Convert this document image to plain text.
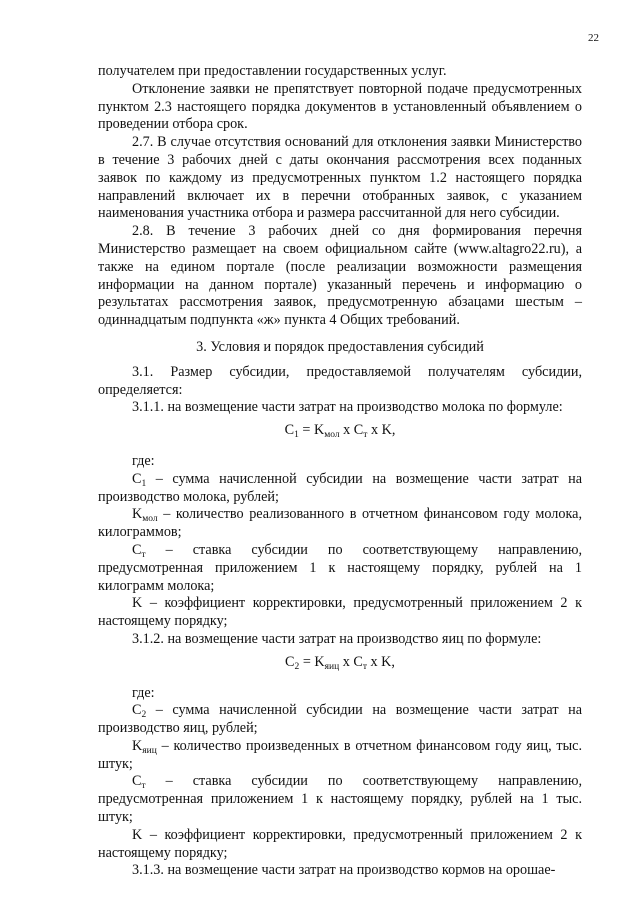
22

получателем при предоставлении государственных услуг.

Отклонение заявки не препятствует повторной подаче предусмотренных пунктом 2.3 настоящего порядка документов в установленный объявлением о проведении отбора срок.

2.7. В случае отсутствия оснований для отклонения заявки Министерство в течение 3 рабочих дней с даты окончания рассмотрения всех поданных заявок по каждому из предусмотренных пунктом 1.2 настоящего порядка направлений включает их в перечни отобранных заявок, с указанием наименования участника отбора и размера рассчитанной для него субсидии.

2.8. В течение 3 рабочих дней со дня формирования перечня Министерство размещает на своем официальном сайте (www.altagro22.ru), а также на едином портале (после реализации возможности размещения информации на данном портале) указанный перечень и информацию о результатах рассмотрения заявок, предусмотренную абзацами шестым – одиннадцатым подпункта «ж» пункта 4 Общих требований.

3. Условия и порядок предоставления субсидий

3.1. Размер субсидии, предоставляемой получателям субсидии, определяется:

3.1.1. на возмещение части затрат на производство молока по формуле:

$C_1 = K_{мол}$ x $C_т$ x K,

где:

$C_1$ – сумма начисленной субсидии на возмещение части затрат на производство молока, рублей;

$K_{мол}$ – количество реализованного в отчетном финансовом году молока, килограммов;

$C_т$ – ставка субсидии по соответствующему направлению, предусмотренная приложением 1 к настоящему порядку, рублей на 1 килограмм молока;

K – коэффициент корректировки, предусмотренный приложением 2 к настоящему порядку;

3.1.2. на возмещение части затрат на производство яиц по формуле:

$C_2 = K_{яиц}$ x $C_т$ x K,

где:

$C_2$ – сумма начисленной субсидии на возмещение части затрат на производство яиц, рублей;

$K_{яиц}$ – количество произведенных в отчетном финансовом году яиц, тыс. штук;

$C_т$ – ставка субсидии по соответствующему направлению, предусмотренная приложением 1 к настоящему порядку, рублей на 1 тыс. штук;

K – коэффициент корректировки, предусмотренный приложением 2 к настоящему порядку;

3.1.3. на возмещение части затрат на производство кормов на орошае-
